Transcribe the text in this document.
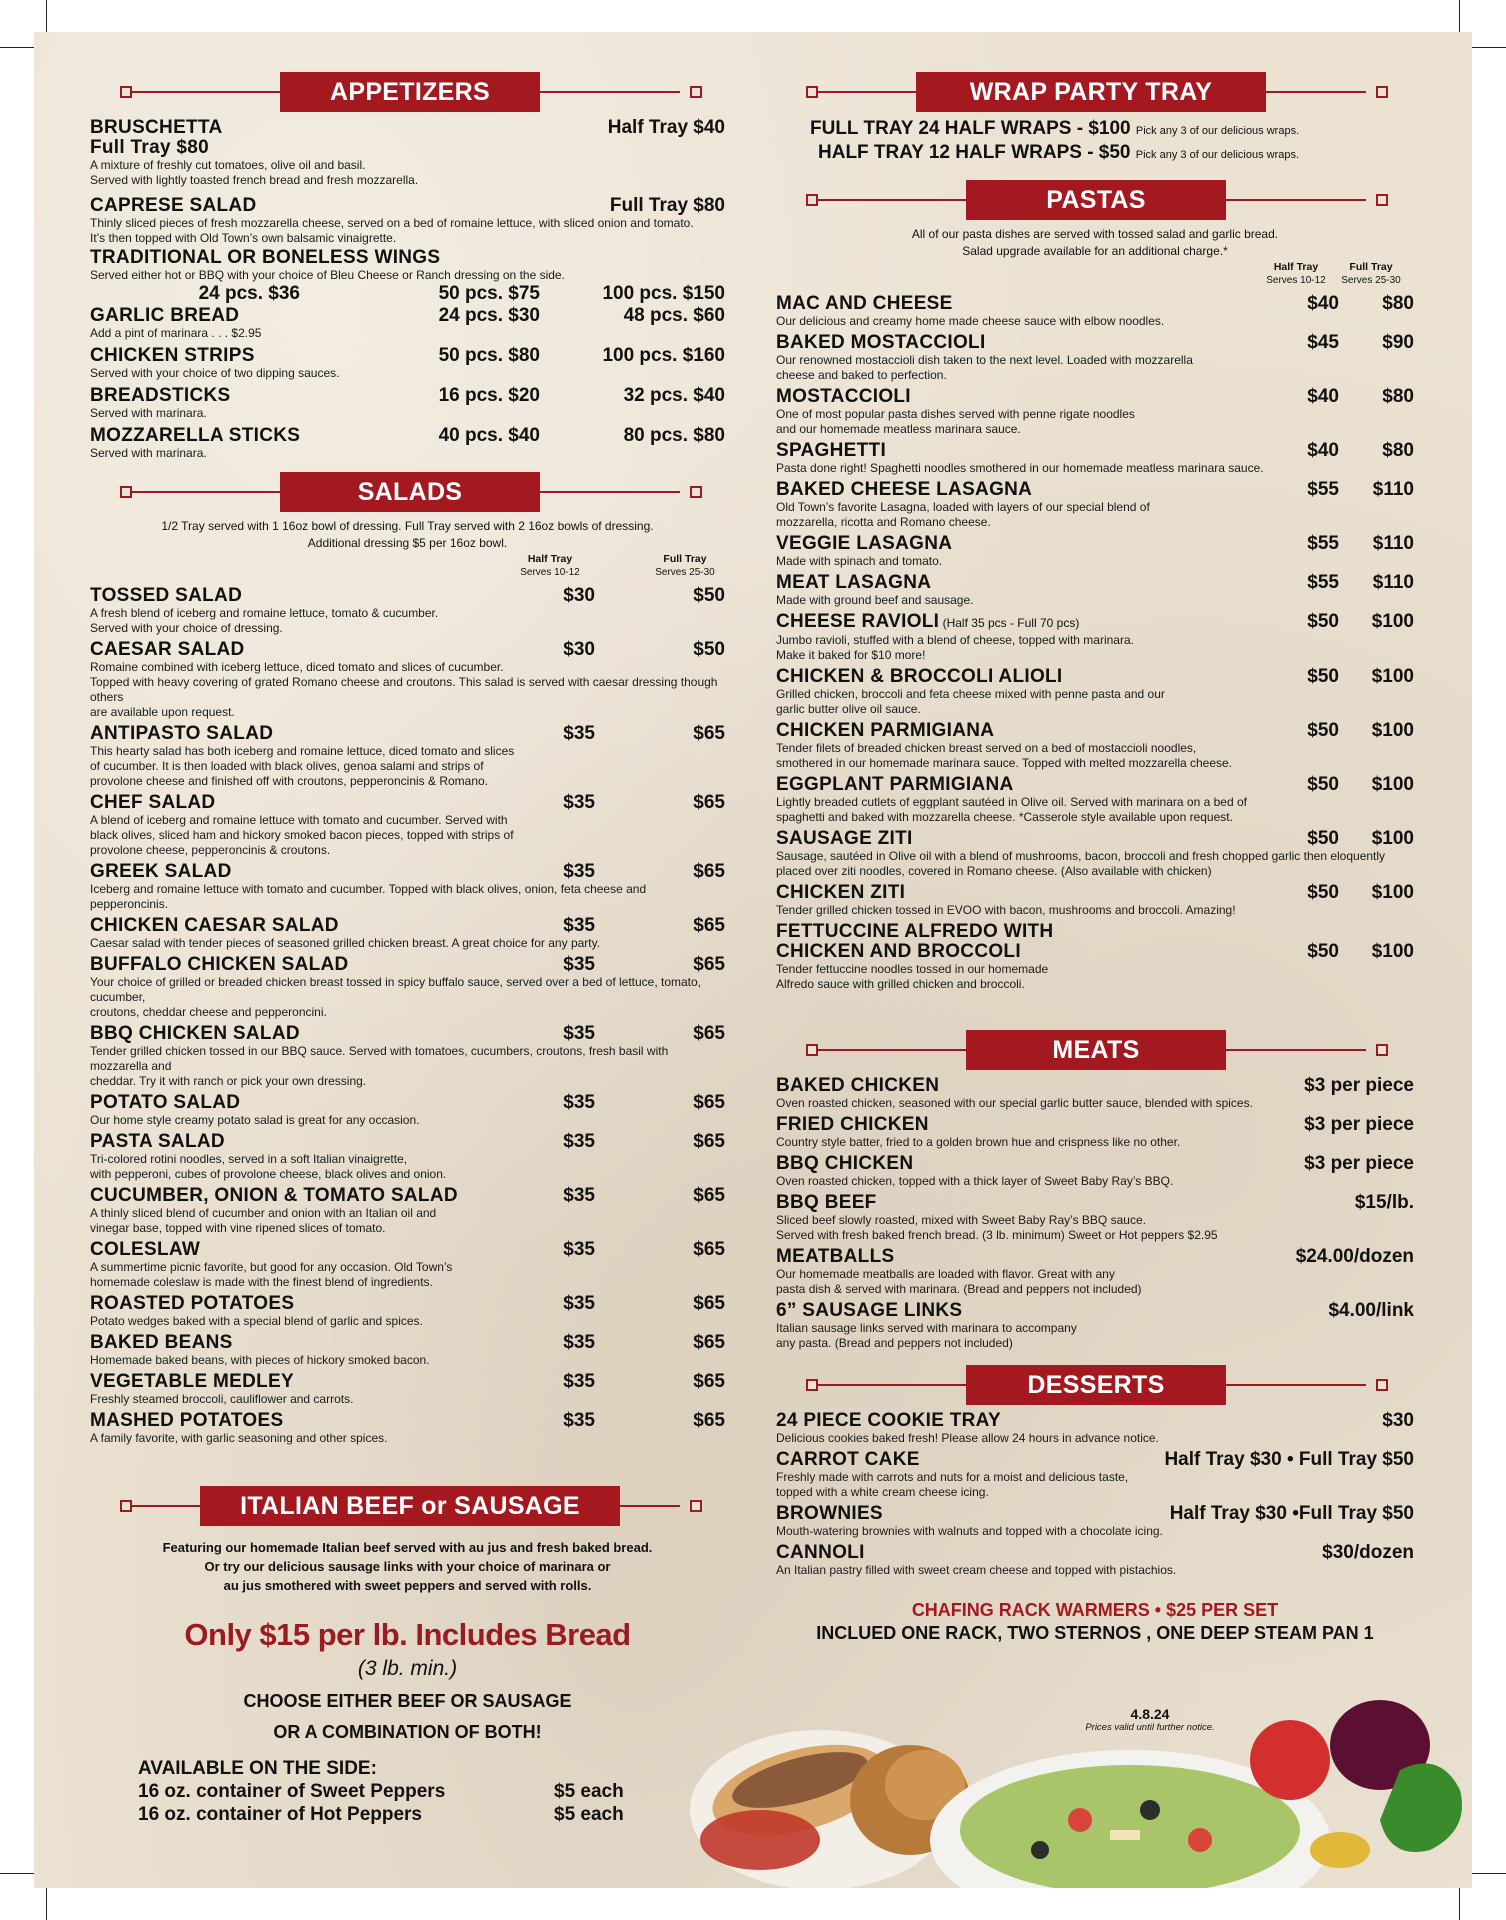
APPETIZERS
BRUSCHETTA
Full Tray $80
Half Tray $40
A mixture of freshly cut tomatoes, olive oil and basil.
Served with lightly toasted french bread and fresh mozzarella.
CAPRESE SALAD	Full Tray $80
Thinly sliced pieces of fresh mozzarella cheese, served on a bed of romaine lettuce, with sliced onion and tomato.
It’s then topped with Old Town’s own balsamic vinaigrette.
TRADITIONAL OR BONELESS WINGS
Served either hot or BBQ with your choice of Bleu Cheese or Ranch dressing on the side.
24 pcs. $36	50 pcs. $75	100 pcs. $150
GARLIC BREAD	24 pcs. $30	48 pcs. $60
Add a pint of marinara . . . $2.95
CHICKEN STRIPS	50 pcs. $80	100 pcs. $160
Served with your choice of two dipping sauces.
BREADSTICKS	16 pcs. $20	32 pcs. $40
Served with marinara.
MOZZARELLA STICKS	40 pcs. $40	80 pcs. $80
Served with marinara.
SALADS
1/2 Tray served with 1 16oz bowl of dressing. Full Tray served with 2 16oz bowls of dressing.
Additional dressing $5 per 16oz bowl.
Half Tray
Serves 10-12
Full Tray
Serves 25-30
TOSSED SALAD	$30	$50
A fresh blend of iceberg and romaine lettuce, tomato & cucumber.
Served with your choice of dressing.
CAESAR SALAD	$30	$50
Romaine combined with iceberg lettuce, diced tomato and slices of cucumber.
Topped with heavy covering of grated Romano cheese and croutons. This salad is served with caesar dressing though others
are available upon request.
ANTIPASTO SALAD	$35	$65
This hearty salad has both iceberg and romaine lettuce, diced tomato and slices
of cucumber. It is then loaded with black olives, genoa salami and strips of
provolone cheese and finished off with croutons, pepperoncinis & Romano.
CHEF SALAD	$35	$65
A blend of iceberg and romaine lettuce with tomato and cucumber. Served with
black olives, sliced ham and hickory smoked bacon pieces, topped with strips of
provolone cheese, pepperoncinis & croutons.
GREEK SALAD	$35	$65
Iceberg and romaine lettuce with tomato and cucumber. Topped with black olives, onion, feta cheese and pepperoncinis.
CHICKEN CAESAR SALAD	$35	$65
Caesar salad with tender pieces of seasoned grilled chicken breast. A great choice for any party.
BUFFALO CHICKEN SALAD	$35	$65
Your choice of grilled or breaded chicken breast tossed in spicy buffalo sauce, served over a bed of lettuce, tomato, cucumber,
croutons, cheddar cheese and pepperoncini.
BBQ CHICKEN SALAD	$35	$65
Tender grilled chicken tossed in our BBQ sauce. Served with tomatoes, cucumbers, croutons, fresh basil with mozzarella and
cheddar. Try it with ranch or pick your own dressing.
POTATO SALAD	$35	$65
Our home style creamy potato salad is great for any occasion.
PASTA SALAD	$35	$65
Tri-colored rotini noodles, served in a soft Italian vinaigrette,
with pepperoni, cubes of provolone cheese, black olives and onion.
CUCUMBER, ONION & TOMATO SALAD	$35	$65
A thinly sliced blend of cucumber and onion with an Italian oil and
vinegar base, topped with vine ripened slices of tomato.
COLESLAW	$35	$65
A summertime picnic favorite, but good for any occasion. Old Town’s
homemade coleslaw is made with the finest blend of ingredients.
ROASTED POTATOES	$35	$65
Potato wedges baked with a special blend of garlic and spices.
BAKED BEANS	$35	$65
Homemade baked beans, with pieces of hickory smoked bacon.
VEGETABLE MEDLEY	$35	$65
Freshly steamed broccoli, cauliflower and carrots.
MASHED POTATOES	$35	$65
A family favorite, with garlic seasoning and other spices.
ITALIAN BEEF or SAUSAGE
Featuring our homemade Italian beef served with au jus and fresh baked bread.
Or try our delicious sausage links with your choice of marinara or
au jus smothered with sweet peppers and served with rolls.
Only $15 per lb. Includes Bread
(3 lb. min.)
CHOOSE EITHER BEEF OR SAUSAGE
OR A COMBINATION OF BOTH!
AVAILABLE ON THE SIDE:
16 oz. container of Sweet Peppers	$5 each
16 oz. container of Hot Peppers	$5 each
WRAP PARTY TRAY
FULL TRAY 24 HALF WRAPS - $100 Pick any 3 of our delicious wraps.
HALF TRAY 12 HALF WRAPS - $50 Pick any 3 of our delicious wraps.
PASTAS
All of our pasta dishes are served with tossed salad and garlic bread.
Salad upgrade available for an additional charge.*
Half Tray
Serves 10-12
Full Tray
Serves 25-30
MAC AND CHEESE	$40 $80
Our delicious and creamy home made cheese sauce with elbow noodles.
BAKED MOSTACCIOLI	$45 $90
Our renowned mostaccioli dish taken to the next level. Loaded with mozzarella
cheese and baked to perfection.
MOSTACCIOLI	$40 $80
One of most popular pasta dishes served with penne rigate noodles
and our homemade meatless marinara sauce.
SPAGHETTI	$40 $80
Pasta done right! Spaghetti noodles smothered in our homemade meatless marinara sauce.
BAKED CHEESE LASAGNA	$55 $110
Old Town’s favorite Lasagna, loaded with layers of our special blend of
mozzarella, ricotta and Romano cheese.
VEGGIE LASAGNA	$55 $110
Made with spinach and tomato.
MEAT LASAGNA	$55 $110
Made with ground beef and sausage.
CHEESE RAVIOLI (Half 35 pcs - Full 70 pcs)	$50 $100
Jumbo ravioli, stuffed with a blend of cheese, topped with marinara.
Make it baked for $10 more!
CHICKEN & BROCCOLI ALIOLI	$50 $100
Grilled chicken, broccoli and feta cheese mixed with penne pasta and our
garlic butter olive oil sauce.
CHICKEN PARMIGIANA	$50 $100
Tender filets of breaded chicken breast served on a bed of mostaccioli noodles,
smothered in our homemade marinara sauce. Topped with melted mozzarella cheese.
EGGPLANT PARMIGIANA	$50 $100
Lightly breaded cutlets of eggplant sautéed in Olive oil. Served with marinara on a bed of
spaghetti and baked with mozzarella cheese. *Casserole style available upon request.
SAUSAGE ZITI	$50 $100
Sausage, sautéed in Olive oil with a blend of mushrooms, bacon, broccoli and fresh chopped garlic then eloquently
placed over ziti noodles, covered in Romano cheese. (Also available with chicken)
CHICKEN ZITI	$50 $100
Tender grilled chicken tossed in EVOO with bacon, mushrooms and broccoli. Amazing!
FETTUCCINE ALFREDO WITH
CHICKEN AND BROCCOLI	$50 $100
Tender fettuccine noodles tossed in our homemade
Alfredo sauce with grilled chicken and broccoli.
MEATS
BAKED CHICKEN	$3 per piece
Oven roasted chicken, seasoned with our special garlic butter sauce, blended with spices.
FRIED CHICKEN	$3 per piece
Country style batter, fried to a golden brown hue and crispness like no other.
BBQ CHICKEN	$3 per piece
Oven roasted chicken, topped with a thick layer of Sweet Baby Ray’s BBQ.
BBQ BEEF	$15/lb.
Sliced beef slowly roasted, mixed with Sweet Baby Ray’s BBQ sauce.
Served with fresh baked french bread. (3 lb. minimum) Sweet or Hot peppers $2.95
MEATBALLS	$24.00/dozen
Our homemade meatballs are loaded with flavor. Great with any
pasta dish & served with marinara. (Bread and peppers not included)
6” SAUSAGE LINKS	$4.00/link
Italian sausage links served with marinara to accompany
any pasta. (Bread and peppers not included)
DESSERTS
24 PIECE COOKIE TRAY	$30
Delicious cookies baked fresh! Please allow 24 hours in advance notice.
CARROT CAKE	Half Tray $30 • Full Tray $50
Freshly made with carrots and nuts for a moist and delicious taste,
topped with a white cream cheese icing.
BROWNIES	Half Tray $30 •Full Tray $50
Mouth-watering brownies with walnuts and topped with a chocolate icing.
CANNOLI	$30/dozen
An Italian pastry filled with sweet cream cheese and topped with pistachios.
CHAFING RACK WARMERS • $25 PER SET
INCLUED ONE RACK, TWO STERNOS , ONE DEEP STEAM PAN 1
4.8.24
Prices valid until further notice.
